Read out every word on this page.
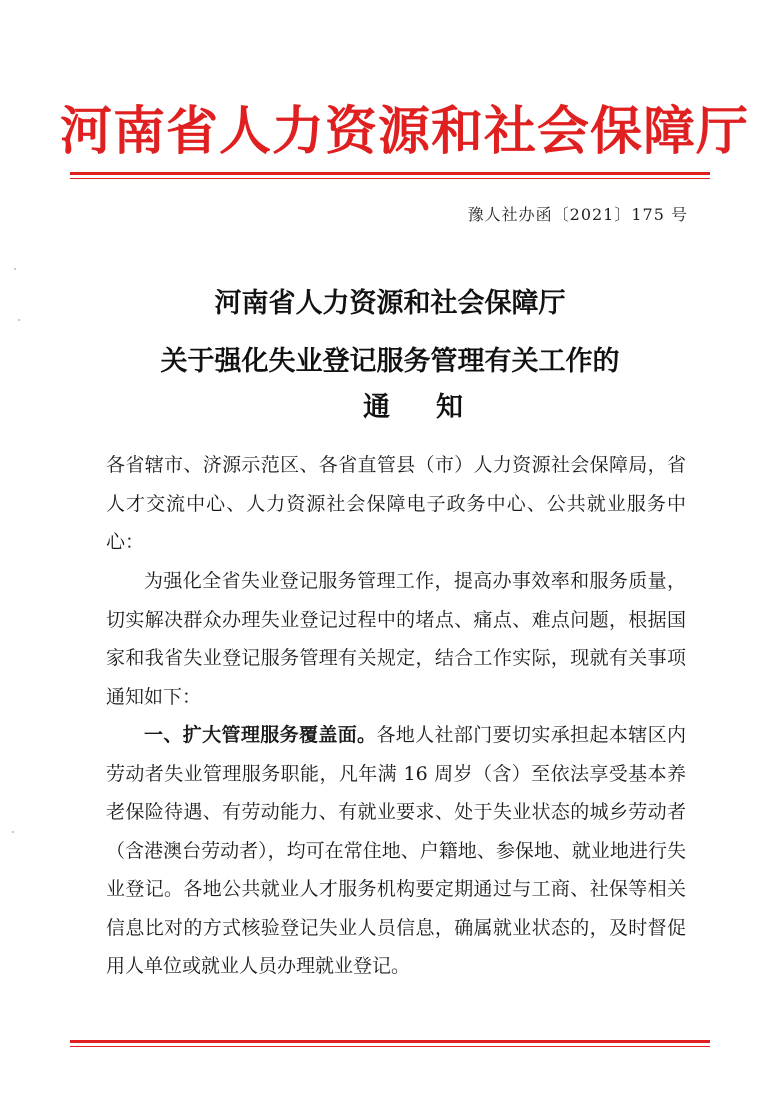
河南省人力资源和社会保障厅
豫人社办函〔2021〕175 号
河南省人力资源和社会保障厅
关于强化失业登记服务管理有关工作的
通知

各省辖市、济源示范区、各省直管县（市）人力资源社会保障局，省人才交流中心、人力资源社会保障电子政务中心、公共就业服务中心：

为强化全省失业登记服务管理工作，提高办事效率和服务质量，切实解决群众办理失业登记过程中的堵点、痛点、难点问题，根据国家和我省失业登记服务管理有关规定，结合工作实际，现就有关事项通知如下：

一、扩大管理服务覆盖面。各地人社部门要切实承担起本辖区内劳动者失业管理服务职能，凡年满 16 周岁（含）至依法享受基本养老保险待遇、有劳动能力、有就业要求、处于失业状态的城乡劳动者（含港澳台劳动者），均可在常住地、户籍地、参保地、就业地进行失业登记。各地公共就业人才服务机构要定期通过与工商、社保等相关信息比对的方式核验登记失业人员信息，确属就业状态的，及时督促用人单位或就业人员办理就业登记。
